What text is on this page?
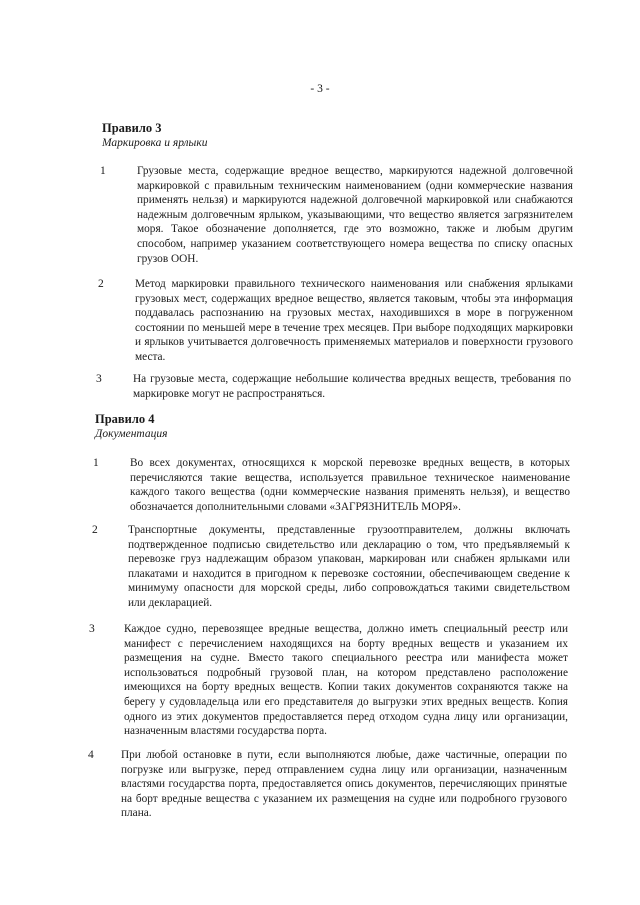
- 3 -
Правило 3
Маркировка и ярлыки
1	Грузовые места, содержащие вредное вещество, маркируются надежной долговечной маркировкой с правильным техническим наименованием (одни коммерческие названия применять нельзя) и маркируются надежной долговечной маркировкой или снабжаются надежным долговечным ярлыком, указывающими, что вещество является загрязнителем моря. Такое обозначение дополняется, где это возможно, также и любым другим способом, например указанием соответствующего номера вещества по списку опасных грузов ООН.
2	Метод маркировки правильного технического наименования или снабжения ярлыками грузовых мест, содержащих вредное вещество, является таковым, чтобы эта информация поддавалась распознанию на грузовых местах, находившихся в море в погруженном состоянии по меньшей мере в течение трех месяцев. При выборе подходящих маркировки и ярлыков учитывается долговечность применяемых материалов и поверхности грузового места.
3	На грузовые места, содержащие небольшие количества вредных веществ, требования по маркировке могут не распространяться.
Правило 4
Документация
1	Во всех документах, относящихся к морской перевозке вредных веществ, в которых перечисляются такие вещества, используется правильное техническое наименование каждого такого вещества (одни коммерческие названия применять нельзя), и вещество обозначается дополнительными словами «ЗАГРЯЗНИТЕЛЬ МОРЯ».
2	Транспортные документы, представленные грузоотправителем, должны включать подтвержденное подписью свидетельство или декларацию о том, что предъявляемый к перевозке груз надлежащим образом упакован, маркирован или снабжен ярлыками или плакатами и находится в пригодном к перевозке состоянии, обеспечивающем сведение к минимуму опасности для морской среды, либо сопровождаться такими свидетельством или декларацией.
3	Каждое судно, перевозящее вредные вещества, должно иметь специальный реестр или манифест с перечислением находящихся на борту вредных веществ и указанием их размещения на судне. Вместо такого специального реестра или манифеста может использоваться подробный грузовой план, на котором представлено расположение имеющихся на борту вредных веществ. Копии таких документов сохраняются также на берегу у судовладельца или его представителя до выгрузки этих вредных веществ. Копия одного из этих документов предоставляется перед отходом судна лицу или организации, назначенным властями государства порта.
4 При любой остановке в пути, если выполняются любые, даже частичные, операции по погрузке или выгрузке, перед отправлением судна лицу или организации, назначенным властями государства порта, предоставляется опись документов, перечисляющих принятые на борт вредные вещества с указанием их размещения на судне или подробного грузового плана.
